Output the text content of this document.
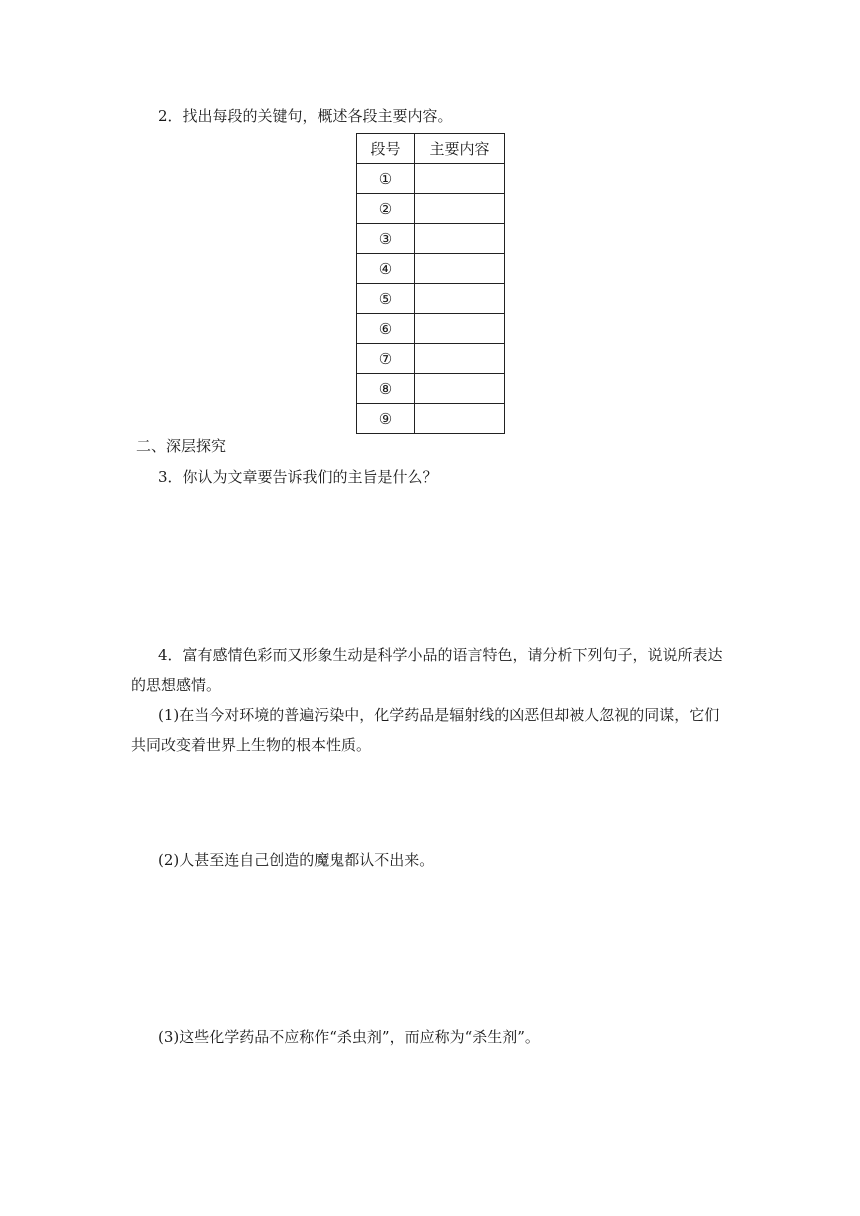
2．找出每段的关键句，概述各段主要内容。
段号	主要内容
①	
②	
③	
④	
⑤	
⑥	
⑦	
⑧	
⑨	
二、深层探究
3．你认为文章要告诉我们的主旨是什么？
4．富有感情色彩而又形象生动是科学小品的语言特色，请分析下列句子，说说所表达
的思想感情。
(1)在当今对环境的普遍污染中，化学药品是辐射线的凶恶但却被人忽视的同谋，它们
共同改变着世界上生物的根本性质。
(2)人甚至连自己创造的魔鬼都认不出来。
(3)这些化学药品不应称作“杀虫剂”，而应称为“杀生剂”。
